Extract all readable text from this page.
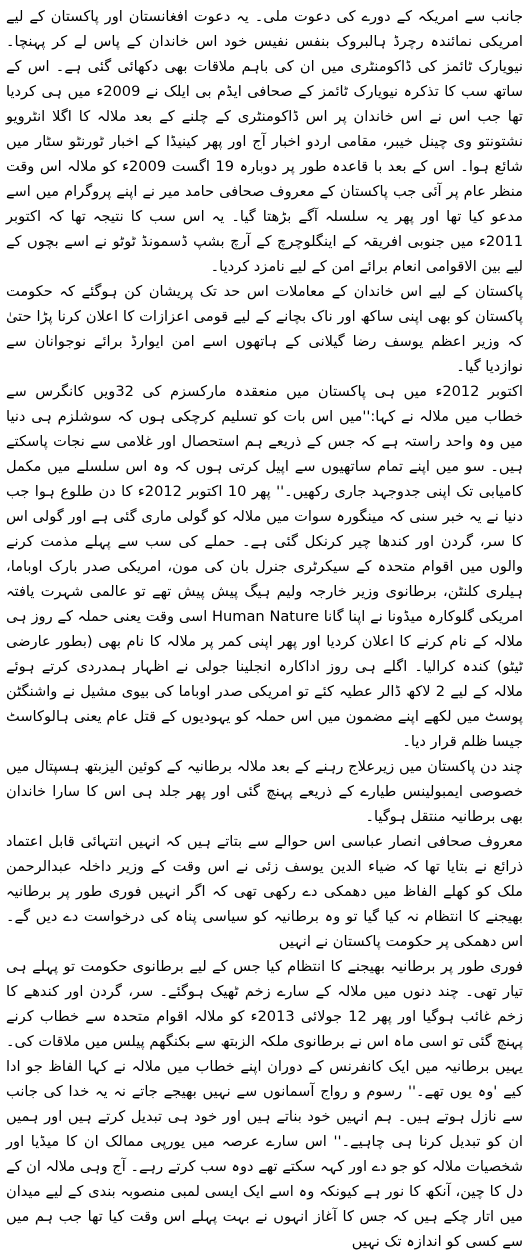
جانب سے امریکہ کے دورے کی دعوت ملی۔ یہ دعوت افغانستان اور پاکستان کے لیے امریکی نمائندہ رچرڈ ہالبروک بنفس نفیس خود اس خاندان کے پاس لے کر پہنچا۔ نیویارک ٹائمز کی ڈاکومنٹری میں ان کی باہم ملاقات بھی دکھائی گئی ہے۔ اس کے ساتھ سب کا تذکرہ نیویارک ٹائمز کے صحافی ایڈم بی ایلک نے 2009ء میں ہی کردیا تھا جب اس نے اس خاندان پر اس ڈاکومنٹری کے چلنے کے بعد ملالہ کا اگلا انٹرویو نشتونتو وی چینل خیبر، مقامی اردو اخبار آج اور پھر کینیڈا کے اخبار ٹورنٹو سٹار میں شائع ہوا۔ اس کے بعد با قاعدہ طور پر دوبارہ 19 اگست 2009ء کو ملالہ اس وقت منظر عام پر آئی جب پاکستان کے معروف صحافی حامد میر نے اپنے پروگرام میں اسے مدعو کیا تھا اور پھر یہ سلسلہ آگے بڑھتا گیا۔ یہ اس سب کا نتیجہ تھا کہ اکتوبر 2011ء میں جنوبی افریقہ کے اینگلوچرچ کے آرچ بشپ ڈسمونڈ ٹوٹو نے اسے بچوں کے لیے بین الاقوامی انعام برائے امن کے لیے نامزد کردیا۔

پاکستان کے لیے اس خاندان کے معاملات اس حد تک پریشان کن ہوگئے کہ حکومت پاکستان کو بھی اپنی ساکھ اور ناک بچانے کے لیے قومی اعزازات کا اعلان کرنا پڑا حتیٰ کہ وزیر اعظم یوسف رضا گیلانی کے ہاتھوں اسے امن ایوارڈ برائے نوجوانان سے نوازدیا گیا۔

اکتوبر 2012ء میں ہی پاکستان میں منعقدہ مارکسزم کی 32ویں کانگرس سے خطاب میں ملالہ نے کہا:''میں اس بات کو تسلیم کرچکی ہوں کہ سوشلزم ہی دنیا میں وہ واحد راستہ ہے کہ جس کے ذریعے ہم استحصال اور غلامی سے نجات پاسکتے ہیں۔ سو میں اپنے تمام ساتھیوں سے اپیل کرتی ہوں کہ وہ اس سلسلے میں مکمل کامیابی تک اپنی جدوجہد جاری رکھیں۔'' پھر 10 اکتوبر 2012ء کا دن طلوع ہوا جب دنیا نے یہ خبر سنی کہ مینگورہ سوات میں ملالہ کو گولی ماری گئی ہے اور گولی اس کا سر، گردن اور کندھا چیر کرنکل گئی ہے۔ حملے کی سب سے پہلے مذمت کرنے والوں میں اقوام متحدہ کے سیکرٹری جنرل بان کی مون، امریکی صدر بارک اوباما، ہیلری کلنٹن، برطانوی وزیر خارجہ ولیم ہیگ پیش پیش تھے تو عالمی شہرت یافتہ امریکی گلوکارہ میڈونا نے اپنا گانا Human Nature اسی وقت یعنی حملہ کے روز ہی ملالہ کے نام کرنے کا اعلان کردیا اور پھر اپنی کمر پر ملالہ کا نام بھی (بطور عارضی ٹیٹو) کندہ کرالیا۔ اگلے ہی روز اداکارہ انجلینا جولی نے اظہار ہمدردی کرتے ہوئے ملالہ کے لیے 2 لاکھ ڈالر عطیہ کئے تو امریکی صدر اوباما کی بیوی مشیل نے واشنگٹن پوسٹ میں لکھے اپنے مضمون میں اس حملہ کو یہودیوں کے قتل عام یعنی ہالوکاسٹ جیسا ظلم قرار دیا۔

چند دن پاکستان میں زیرعلاج رہنے کے بعد ملالہ برطانیہ کے کوئین الیزبتھ ہسپتال میں خصوصی ایمبولینس طیارے کے ذریعے پہنچ گئی اور پھر جلد ہی اس کا سارا خاندان بھی برطانیہ منتقل ہوگیا۔

معروف صحافی انصار عباسی اس حوالے سے بتاتے ہیں کہ انہیں انتہائی قابل اعتماد ذرائع نے بتایا تھا کہ ضیاء الدین یوسف زئی نے اس وقت کے وزیر داخلہ عبدالرحمن ملک کو کھلے الفاظ میں دھمکی دے رکھی تھی کہ اگر انہیں فوری طور پر برطانیہ بھیجنے کا انتظام نہ کیا گیا تو وہ برطانیہ کو سیاسی پناہ کی درخواست دے دیں گے۔ اس دھمکی پر حکومت پاکستان نے انہیں

فوری طور پر برطانیہ بھیجنے کا انتظام کیا جس کے لیے برطانوی حکومت تو پہلے ہی تیار تھی۔ چند دنوں میں ملالہ کے سارے زخم ٹھیک ہوگئے۔ سر، گردن اور کندھے کا زخم غائب ہوگیا اور پھر 12 جولائی 2013ء کو ملالہ اقوام متحدہ سے خطاب کرنے پہنچ گئی تو اسی ماہ اس نے برطانوی ملکہ الزبتھ سے بکنگھم پیلس میں ملاقات کی۔ یہیں برطانیہ میں ایک کانفرنس کے دوران اپنے خطاب میں ملالہ نے کہا الفاظ جو ادا کیے 'وہ یوں تھے۔'' رسوم و رواج آسمانوں سے نہیں بھیجے جاتے نہ یہ خدا کی جانب سے نازل ہوتے ہیں۔ ہم انہیں خود بناتے ہیں اور خود ہی تبدیل کرتے ہیں اور ہمیں ان کو تبدیل کرنا ہی چاہیے۔'' اس سارے عرصہ میں یورپی ممالک ان کا میڈیا اور شخصیات ملالہ کو جو دے اور کہہ سکتے تھے دوہ سب کرتے رہے۔ آج وہی ملالہ ان کے دل کا چین، آنکھ کا نور ہے کیونکہ وہ اسے ایک ایسی لمبی منصوبہ بندی کے لیے میدان میں اتار چکے ہیں کہ جس کا آغاز انہوں نے بہت پہلے اس وقت کیا تھا جب ہم میں سے کسی کو اندازہ تک نہیں
